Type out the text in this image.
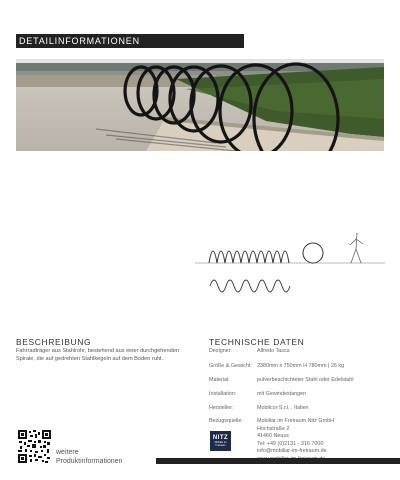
DETAILINFORMATIONEN
BESCHREIBUNG
Fahrradträger aus Stahlrohr, bestehend aus einer durchgehenden Spirale, die auf gedrehten Stahlkegeln auf dem Boden ruht.
TECHNISCHE DATEN
Designer:	Alfredo Tasca
Größe & Gewicht: 2380mm x 750mm H 780mm | 26 kg
Material:	pulverbeschichteter Stahl oder Edelstahl
Installation:	mit Gewindestangen
Hersteller:	Mobilcor S.r.l. , Italien
Bezugsquelle:	Mobiliar im Freiraum Nitz GmbH
Hochstraße 2
41460 Neuss
Tel: +49 (0)2131 - 316 7000
info@mobiliar-im-freiraum.de
NITZ
Mobiliar im Freiraum
weitere
Produktinformationen
